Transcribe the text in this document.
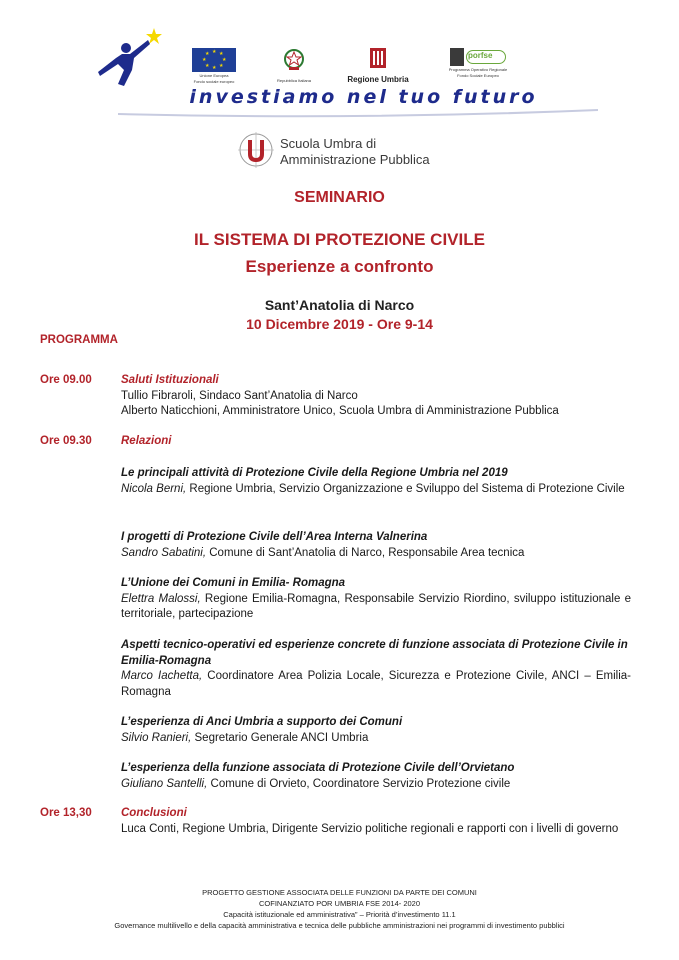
★ ★
★
★
★
★
★
★
Unione Europea
Fondo sociale europeo	Repubblica Italiana	Regione Umbria
porfse
Programma Operativo Regionale
Fondo Sociale Europeo
investiamo nel tuo futuro
Scuola Umbra di
Amministrazione Pubblica
SEMINARIO
IL SISTEMA DI PROTEZIONE CIVILE
Esperienze a confronto
Sant’Anatolia di Narco
10 Dicembre 2019 - Ore 9-14
PROGRAMMA
Ore 09.00	Saluti Istituzionali
Tullio Fibraroli, Sindaco Sant’Anatolia di Narco
Alberto Naticchioni, Amministratore Unico, Scuola Umbra di Amministrazione Pubblica
Ore 09.30	Relazioni
Le principali attività di Protezione Civile della Regione Umbria nel 2019
Nicola Berni, Regione Umbria, Servizio Organizzazione e Sviluppo del Sistema di Protezione Civile
I progetti di Protezione Civile dell’Area Interna Valnerina
Sandro Sabatini, Comune di Sant’Anatolia di Narco, Responsabile Area tecnica
L’Unione dei Comuni in Emilia- Romagna
Elettra Malossi, Regione Emilia-Romagna, Responsabile Servizio Riordino, sviluppo istituzionale e territoriale, partecipazione
Aspetti tecnico-operativi ed esperienze concrete di funzione associata di Protezione Civile in Emilia-Romagna
Marco Iachetta, Coordinatore Area Polizia Locale, Sicurezza e Protezione Civile, ANCI – Emilia-Romagna
L’esperienza di Anci Umbria a supporto dei Comuni
Silvio Ranieri, Segretario Generale ANCI Umbria
L’esperienza della funzione associata di Protezione Civile dell’Orvietano
Giuliano Santelli, Comune di Orvieto, Coordinatore Servizio Protezione civile
Ore 13,30	Conclusioni
Luca Conti, Regione Umbria, Dirigente Servizio politiche regionali e rapporti con i livelli di governo
PROGETTO GESTIONE ASSOCIATA DELLE FUNZIONI DA PARTE DEI COMUNI
COFINANZIATO POR UMBRIA FSE 2014- 2020
Capacità istituzionale ed amministrativa” – Priorità d’investimento 11.1
Governance multilivello e della capacità amministrativa e tecnica delle pubbliche amministrazioni nei programmi di investimento pubblici
